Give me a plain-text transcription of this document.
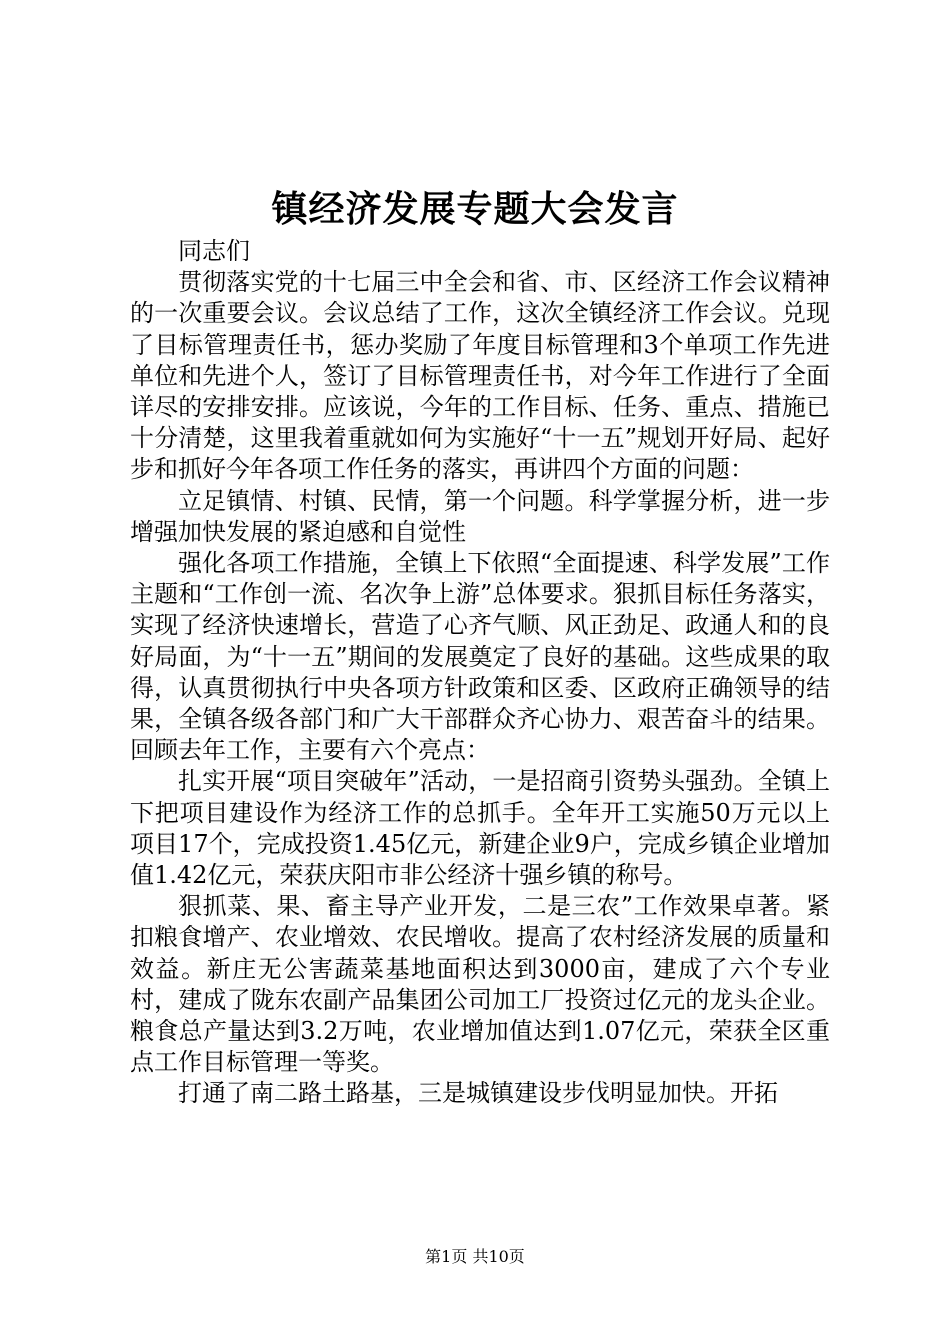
镇经济发展专题大会发言

同志们

贯彻落实党的十七届三中全会和省、市、区经济工作会议精神的一次重要会议。会议总结了工作，这次全镇经济工作会议。兑现了目标管理责任书，惩办奖励了年度目标管理和3个单项工作先进单位和先进个人，签订了目标管理责任书，对今年工作进行了全面详尽的安排安排。应该说，今年的工作目标、任务、重点、措施已十分清楚，这里我着重就如何为实施好“十一五”规划开好局、起好步和抓好今年各项工作任务的落实，再讲四个方面的问题：

立足镇情、村镇、民情，第一个问题。科学掌握分析，进一步增强加快发展的紧迫感和自觉性

强化各项工作措施，全镇上下依照“全面提速、科学发展”工作主题和“工作创一流、名次争上游”总体要求。狠抓目标任务落实，实现了经济快速增长，营造了心齐气顺、风正劲足、政通人和的良好局面，为“十一五”期间的发展奠定了良好的基础。这些成果的取得，认真贯彻执行中央各项方针政策和区委、区政府正确领导的结果，全镇各级各部门和广大干部群众齐心协力、艰苦奋斗的结果。回顾去年工作，主要有六个亮点：

扎实开展“项目突破年”活动，一是招商引资势头强劲。全镇上下把项目建设作为经济工作的总抓手。全年开工实施50万元以上项目17个，完成投资1.45亿元，新建企业9户，完成乡镇企业增加值1.42亿元，荣获庆阳市非公经济十强乡镇的称号。

狠抓菜、果、畜主导产业开发，二是三农”工作效果卓著。紧扣粮食增产、农业增效、农民增收。提高了农村经济发展的质量和效益。新庄无公害蔬菜基地面积达到3000亩，建成了六个专业村，建成了陇东农副产品集团公司加工厂投资过亿元的龙头企业。粮食总产量达到3.2万吨，农业增加值达到1.07亿元，荣获全区重点工作目标管理一等奖。

打通了南二路土路基，三是城镇建设步伐明显加快。开拓

第1页 共10页
